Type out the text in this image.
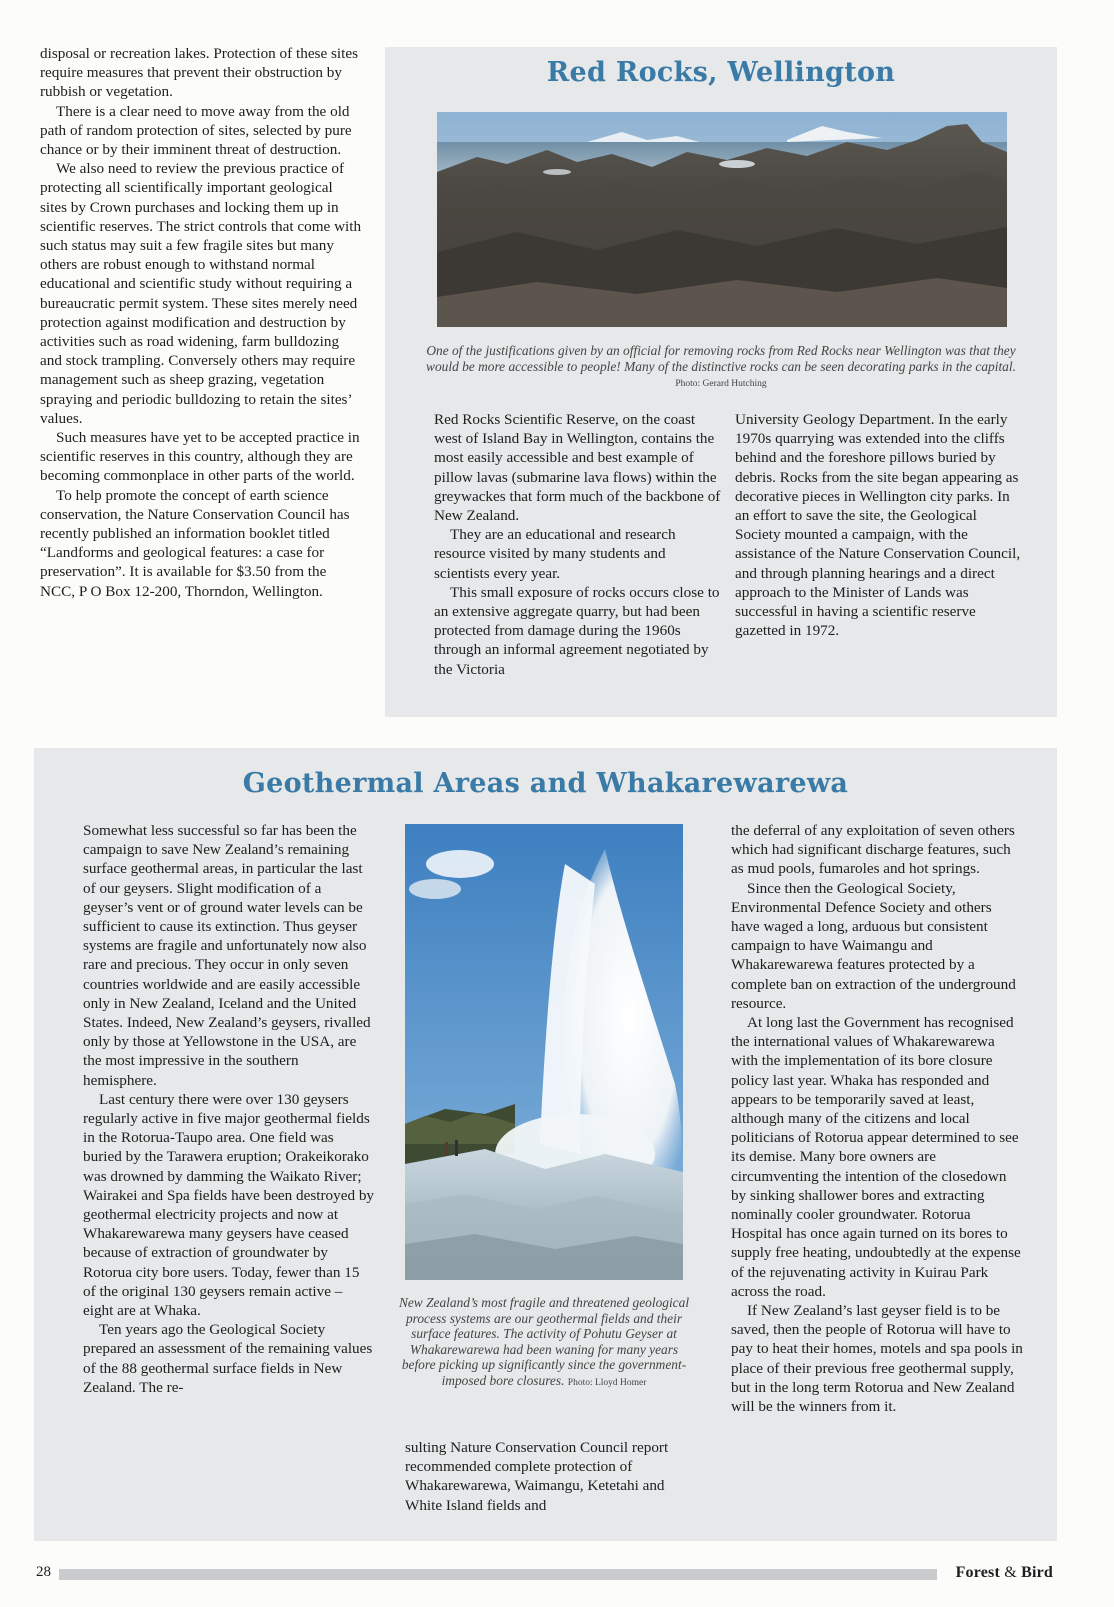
disposal or recreation lakes. Protection of these sites require measures that prevent their obstruction by rubbish or vegetation.

There is a clear need to move away from the old path of random protection of sites, selected by pure chance or by their imminent threat of destruction.

We also need to review the previous practice of protecting all scientifically important geological sites by Crown purchases and locking them up in scientific reserves. The strict controls that come with such status may suit a few fragile sites but many others are robust enough to withstand normal educational and scientific study without requiring a bureaucratic permit system. These sites merely need protection against modification and destruction by activities such as road widening, farm bulldozing and stock trampling. Conversely others may require management such as sheep grazing, vegetation spraying and periodic bulldozing to retain the sites’ values.

Such measures have yet to be accepted practice in scientific reserves in this country, although they are becoming commonplace in other parts of the world.

To help promote the concept of earth science conservation, the Nature Conservation Council has recently published an information booklet titled “Landforms and geological features: a case for preservation”. It is available for $3.50 from the NCC, P O Box 12-200, Thorndon, Wellington.

Red Rocks, Wellington

One of the justifications given by an official for removing rocks from Red Rocks near Wellington was that they would be more accessible to people! Many of the distinctive rocks can be seen decorating parks in the capital. Photo: Gerard Hutching

Red Rocks Scientific Reserve, on the coast west of Island Bay in Wellington, contains the most easily accessible and best example of pillow lavas (submarine lava flows) within the greywackes that form much of the backbone of New Zealand.

They are an educational and research resource visited by many students and scientists every year.

This small exposure of rocks occurs close to an extensive aggregate quarry, but had been protected from damage during the 1960s through an informal agreement negotiated by the Victoria

University Geology Department. In the early 1970s quarrying was extended into the cliffs behind and the foreshore pillows buried by debris. Rocks from the site began appearing as decorative pieces in Wellington city parks. In an effort to save the site, the Geological Society mounted a campaign, with the assistance of the Nature Conservation Council, and through planning hearings and a direct approach to the Minister of Lands was successful in having a scientific reserve gazetted in 1972.

Geothermal Areas and Whakarewarewa

Somewhat less successful so far has been the campaign to save New Zealand’s remaining surface geothermal areas, in particular the last of our geysers. Slight modification of a geyser’s vent or of ground water levels can be sufficient to cause its extinction. Thus geyser systems are fragile and unfortunately now also rare and precious. They occur in only seven countries worldwide and are easily accessible only in New Zealand, Iceland and the United States. Indeed, New Zealand’s geysers, rivalled only by those at Yellowstone in the USA, are the most impressive in the southern hemisphere.

Last century there were over 130 geysers regularly active in five major geothermal fields in the Rotorua-Taupo area. One field was buried by the Tarawera eruption; Orakeikorako was drowned by damming the Waikato River; Wairakei and Spa fields have been destroyed by geothermal electricity projects and now at Whakarewarewa many geysers have ceased because of extraction of groundwater by Rotorua city bore users. Today, fewer than 15 of the original 130 geysers remain active – eight are at Whaka.

Ten years ago the Geological Society prepared an assessment of the remaining values of the 88 geothermal surface fields in New Zealand. The re-

New Zealand’s most fragile and threatened geological process systems are our geothermal fields and their surface features. The activity of Pohutu Geyser at Whakarewarewa had been waning for many years before picking up significantly since the government-imposed bore closures. Photo: Lloyd Homer

sulting Nature Conservation Council report recommended complete protection of Whakarewarewa, Waimangu, Ketetahi and White Island fields and

the deferral of any exploitation of seven others which had significant discharge features, such as mud pools, fumaroles and hot springs.

Since then the Geological Society, Environmental Defence Society and others have waged a long, arduous but consistent campaign to have Waimangu and Whakarewarewa features protected by a complete ban on extraction of the underground resource.

At long last the Government has recognised the international values of Whakarewarewa with the implementation of its bore closure policy last year. Whaka has responded and appears to be temporarily saved at least, although many of the citizens and local politicians of Rotorua appear determined to see its demise. Many bore owners are circumventing the intention of the closedown by sinking shallower bores and extracting nominally cooler groundwater. Rotorua Hospital has once again turned on its bores to supply free heating, undoubtedly at the expense of the rejuvenating activity in Kuirau Park across the road.

If New Zealand’s last geyser field is to be saved, then the people of Rotorua will have to pay to heat their homes, motels and spa pools in place of their previous free geothermal supply, but in the long term Rotorua and New Zealand will be the winners from it.

28	Forest & Bird
